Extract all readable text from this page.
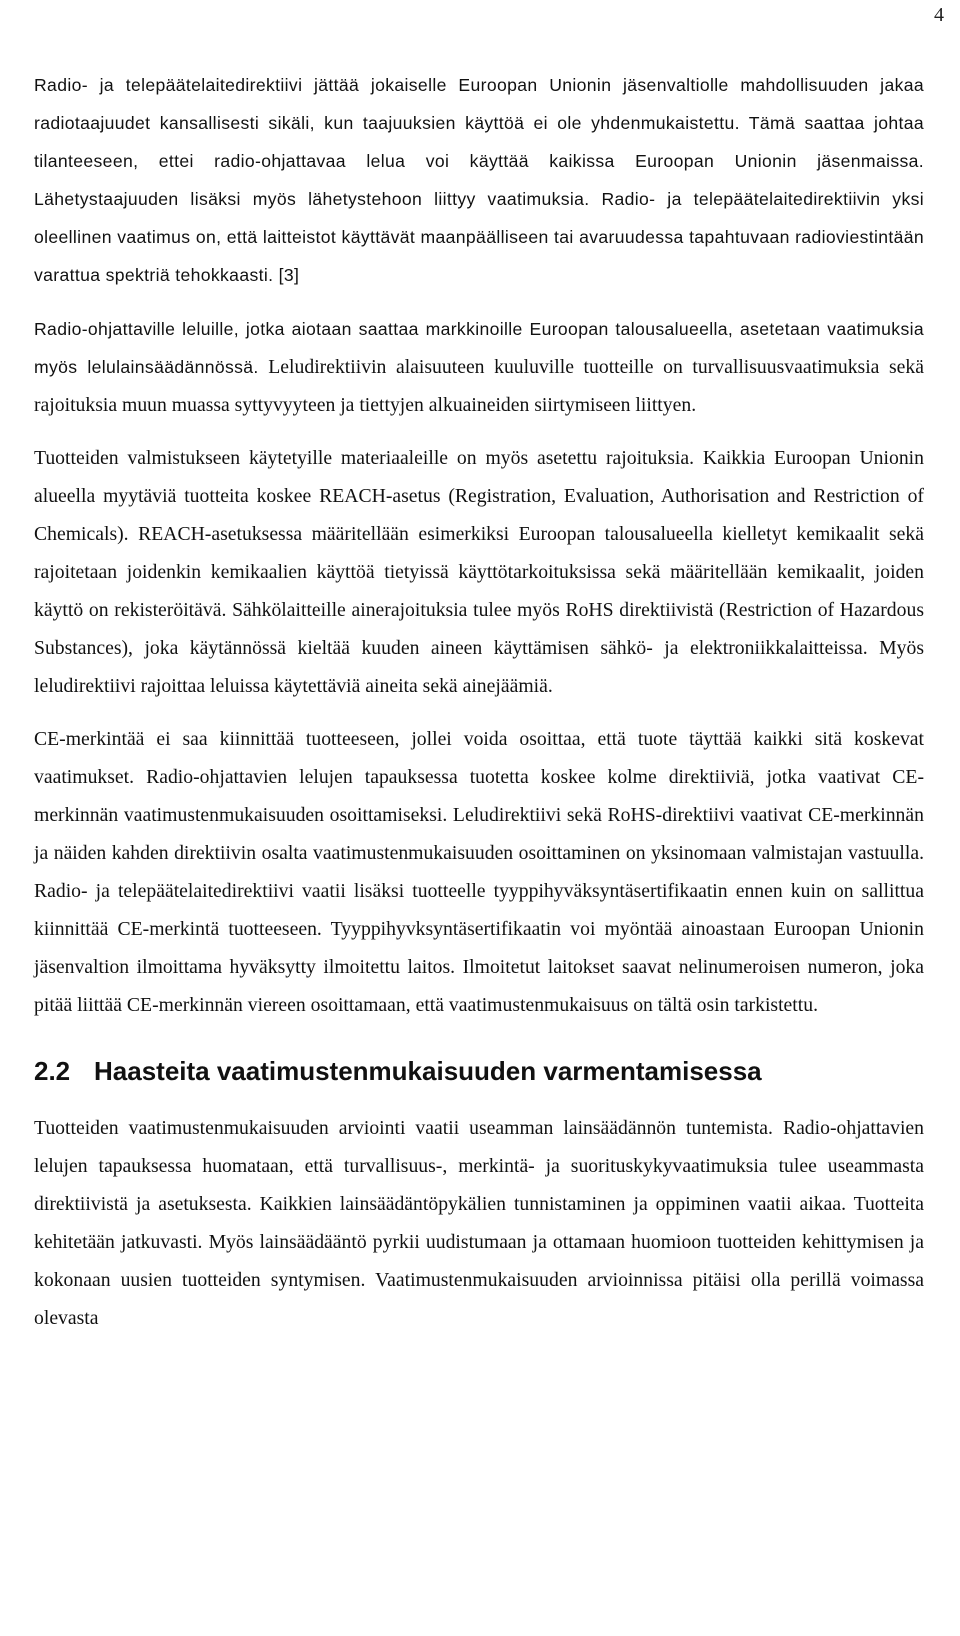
4

Radio- ja telepäätelaitedirektiivi jättää jokaiselle Euroopan Unionin jäsenvaltiolle mahdollisuuden jakaa radiotaajuudet kansallisesti sikäli, kun taajuuksien käyttöä ei ole yhdenmukaistettu. Tämä saattaa johtaa tilanteeseen, ettei radio-ohjattavaa lelua voi käyttää kaikissa Euroopan Unionin jäsenmaissa. Lähetystaajuuden lisäksi myös lähetystehoon liittyy vaatimuksia. Radio- ja telepäätelaitedirektiivin yksi oleellinen vaatimus on, että laitteistot käyttävät maanpäälliseen tai avaruudessa tapahtuvaan radioviestintään varattua spektriä tehokkaasti. [3]

Radio-ohjattaville leluille, jotka aiotaan saattaa markkinoille Euroopan talousalueella, asetetaan vaatimuksia myös lelulainsäädännössä. Leludirektiivin alaisuuteen kuuluville tuotteille on turvallisuusvaatimuksia sekä rajoituksia muun muassa syttyvyyteen ja tiettyjen alkuaineiden siirtymiseen liittyen.

Tuotteiden valmistukseen käytetyille materiaaleille on myös asetettu rajoituksia. Kaikkia Euroopan Unionin alueella myytäviä tuotteita koskee REACH-asetus (Registration, Evaluation, Authorisation and Restriction of Chemicals). REACH-asetuksessa määritellään esimerkiksi Euroopan talousalueella kielletyt kemikaalit sekä rajoitetaan joidenkin kemikaalien käyttöä tietyissä käyttötarkoituksissa sekä määritellään kemikaalit, joiden käyttö on rekisteröitävä. Sähkölaitteille ainerajoituksia tulee myös RoHS direktiivistä (Restriction of Hazardous Substances), joka käytännössä kieltää kuuden aineen käyttämisen sähkö- ja elektroniikkalaitteissa. Myös leludirektiivi rajoittaa leluissa käytettäviä aineita sekä ainejäämiä.

CE-merkintää ei saa kiinnittää tuotteeseen, jollei voida osoittaa, että tuote täyttää kaikki sitä koskevat vaatimukset. Radio-ohjattavien lelujen tapauksessa tuotetta koskee kolme direktiiviä, jotka vaativat CE-merkinnän vaatimustenmukaisuuden osoittamiseksi. Leludirektiivi sekä RoHS-direktiivi vaativat CE-merkinnän ja näiden kahden direktiivin osalta vaatimustenmukaisuuden osoittaminen on yksinomaan valmistajan vastuulla. Radio- ja telepäätelaitedirektiivi vaatii lisäksi tuotteelle tyyppihyväksyntäsertifikaatin ennen kuin on sallittua kiinnittää CE-merkintä tuotteeseen. Tyyppihyvksyntäsertifikaatin voi myöntää ainoastaan Euroopan Unionin jäsenvaltion ilmoittama hyväksytty ilmoitettu laitos. Ilmoitetut laitokset saavat nelinumeroisen numeron, joka pitää liittää CE-merkinnän viereen osoittamaan, että vaatimustenmukaisuus on tältä osin tarkistettu.

2.2 Haasteita vaatimustenmukaisuuden varmentamisessa

Tuotteiden vaatimustenmukaisuuden arviointi vaatii useamman lainsäädännön tuntemista. Radio-ohjattavien lelujen tapauksessa huomataan, että turvallisuus-, merkintä- ja suorituskykyvaatimuksia tulee useammasta direktiivistä ja asetuksesta. Kaikkien lainsäädäntöpykälien tunnistaminen ja oppiminen vaatii aikaa. Tuotteita kehitetään jatkuvasti. Myös lainsäädääntö pyrkii uudistumaan ja ottamaan huomioon tuotteiden kehittymisen ja kokonaan uusien tuotteiden syntymisen. Vaatimustenmukaisuuden arvioinnissa pitäisi olla perillä voimassa olevasta
